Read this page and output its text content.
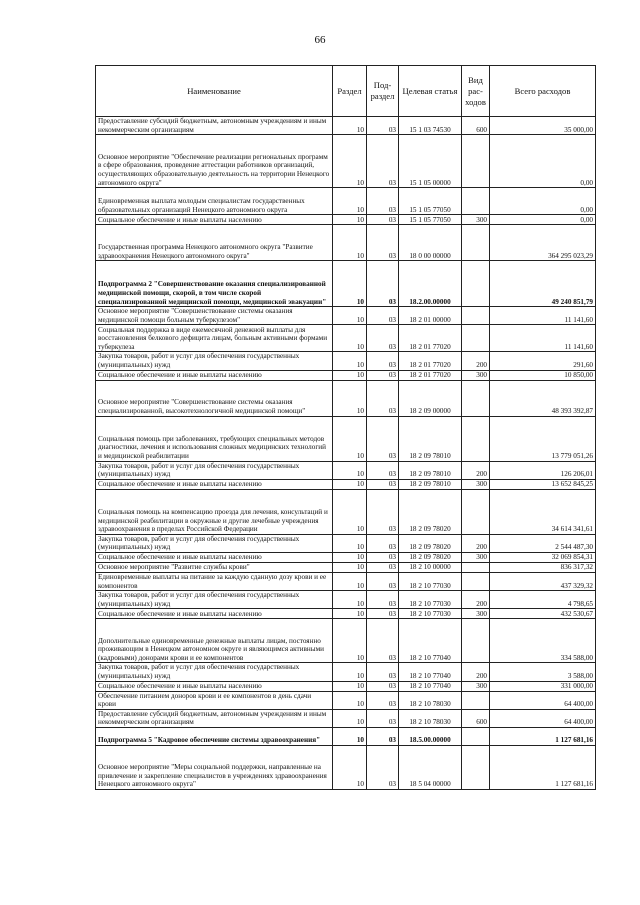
66
Наименование	Раздел	Под-раздел	Целевая статья	Вид рас-ходов	Всего расходов
Предоставление субсидий бюджетным, автономным учреждениям и иным некоммерческим организациям	10	03	15 1 03 74530	600	35 000,00
Основное мероприятие "Обеспечение реализации региональных программ в сфере образования, проведение аттестации работников организаций, осуществляющих образовательную деятельность на территории Ненецкого автономного округа"	10	03	15 1 05 00000		0,00
Единовременная выплата молодым специалистам государственных образовательных организаций Ненецкого автономного округа	10	03	15 1 05 77050		0,00
Социальное обеспечение и иные выплаты населению	10	03	15 1 05 77050	300	0,00
Государственная программа Ненецкого автономного округа "Развитие здравоохранения Ненецкого автономного округа"	10	03	18 0 00 00000		364 295 023,29
Подпрограмма 2 "Совершенствование оказания специализированной медицинской помощи, скорой, в том числе скорой специализированной медицинской помощи, медицинской эвакуации"	10	03	18.2.00.00000		49 240 851,79
Основное мероприятие "Совершенствование системы оказания медицинской помощи больным туберкулезом"	10	03	18 2 01 00000		11 141,60
Социальная поддержка в виде ежемесячной денежной выплаты для восстановления белкового дефицита лицам, больным активными формами туберкулеза	10	03	18 2 01 77020		11 141,60
Закупка товаров, работ и услуг для обеспечения государственных (муниципальных) нужд	10	03	18 2 01 77020	200	291,60
Социальное обеспечение и иные выплаты населению	10	03	18 2 01 77020	300	10 850,00
Основное мероприятие "Совершенствование системы оказания специализированной, высокотехнологичной медицинской помощи"	10	03	18 2 09 00000		48 393 392,87
Социальная помощь при заболеваниях, требующих специальных методов диагностики, лечения и использования сложных медицинских технологий и медицинской реабилитации	10	03	18 2 09 78010		13 779 051,26
Закупка товаров, работ и услуг для обеспечения государственных (муниципальных) нужд	10	03	18 2 09 78010	200	126 206,01
Социальное обеспечение и иные выплаты населению	10	03	18 2 09 78010	300	13 652 845,25
Социальная помощь на компенсацию проезда для лечения, консультаций и медицинской реабилитации в окружные и другие лечебные учреждения здравоохранения в пределах Российской Федерации	10	03	18 2 09 78020		34 614 341,61
Закупка товаров, работ и услуг для обеспечения государственных (муниципальных) нужд	10	03	18 2 09 78020	200	2 544 487,30
Социальное обеспечение и иные выплаты населению	10	03	18 2 09 78020	300	32 069 854,31
Основное мероприятие "Развитие службы крови"	10	03	18 2 10 00000		836 317,32
Единовременные выплаты на питание за каждую сданную дозу крови и ее компонентов	10	03	18 2 10 77030		437 329,32
Закупка товаров, работ и услуг для обеспечения государственных (муниципальных) нужд	10	03	18 2 10 77030	200	4 798,65
Социальное обеспечение и иные выплаты населению	10	03	18 2 10 77030	300	432 530,67
Дополнительные единовременные денежные выплаты лицам, постоянно проживающим в Ненецком автономном округе и являющимся активными (кадровыми) донорами крови и ее компонентов	10	03	18 2 10 77040		334 588,00
Закупка товаров, работ и услуг для обеспечения государственных (муниципальных) нужд	10	03	18 2 10 77040	200	3 588,00
Социальное обеспечение и иные выплаты населению	10	03	18 2 10 77040	300	331 000,00
Обеспечение питанием доноров крови и ее компонентов в день сдачи крови	10	03	18 2 10 78030		64 400,00
Предоставление субсидий бюджетным, автономным учреждениям и иным некоммерческим организациям	10	03	18 2 10 78030	600	64 400,00
Подпрограмма 5 "Кадровое обеспечение системы здравоохранения"	10	03	18.5.00.00000		1 127 681,16
Основное мероприятие "Меры социальной поддержки, направленные на привлечение и закрепление специалистов в учреждениях здравоохранения Ненецкого автономного округа"	10	03	18 5 04 00000		1 127 681,16
